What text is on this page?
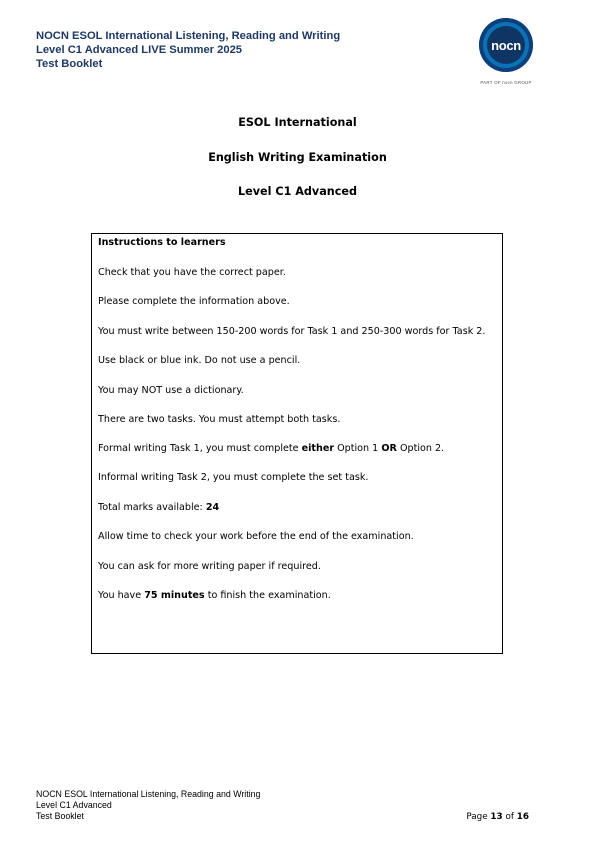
NOCN ESOL International Listening, Reading and Writing
Level C1 Advanced LIVE Summer 2025
Test Booklet
nocn
PART OF nocn GROUP
ESOL International
English Writing Examination
Level C1 Advanced
Instructions to learners
Check that you have the correct paper.
Please complete the information above.
You must write between 150-200 words for Task 1 and 250-300 words for Task 2.
Use black or blue ink. Do not use a pencil.
You may NOT use a dictionary.
There are two tasks. You must attempt both tasks.
Formal writing Task 1, you must complete either Option 1 OR Option 2.
Informal writing Task 2, you must complete the set task.
Total marks available: 24
Allow time to check your work before the end of the examination.
You can ask for more writing paper if required.
You have 75 minutes to finish the examination.
NOCN ESOL International Listening, Reading and Writing
Level C1 Advanced
Test Booklet	Page 13 of 16
